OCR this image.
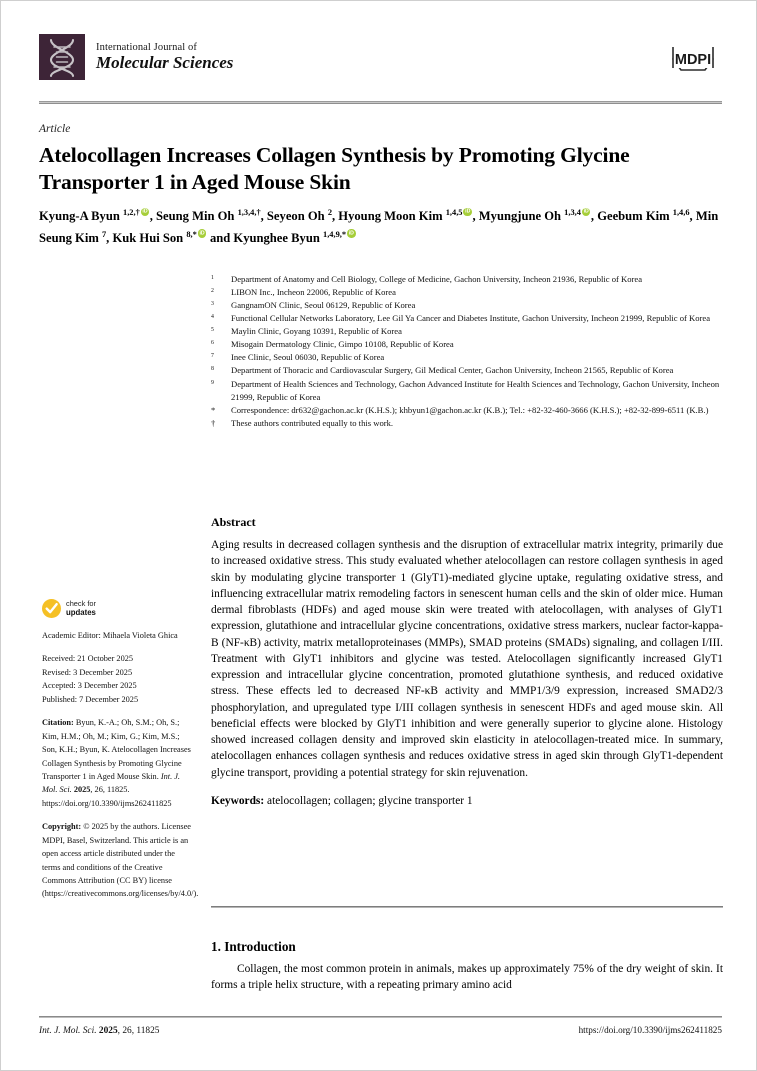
International Journal of
Molecular Sciences	MDPI
Article
Atelocollagen Increases Collagen Synthesis by Promoting Glycine Transporter 1 in Aged Mouse Skin
Kyung-A Byun $^{1,2,\dagger}$ iD , Seung Min Oh $^{1,3,4,\dagger}$, Seyeon Oh $^2$, Hyoung Moon Kim $^{1,4,5}$ iD , Myungjune Oh $^{1,3,4}$ iD , Geebum Kim $^{1,4,6}$, Min Seung Kim $^7$, Kuk Hui Son $^{8,*}$iD and Kyunghee Byun $^{1,4,9,*}$iD
$^1$	Department of Anatomy and Cell Biology, College of Medicine, Gachon University, Incheon 21936, Republic of Korea
$^2$	LIBON Inc., Incheon 22006, Republic of Korea
$^3$	GangnamON Clinic, Seoul 06129, Republic of Korea
$^4$	Functional Cellular Networks Laboratory, Lee Gil Ya Cancer and Diabetes Institute, Gachon University, Incheon 21999, Republic of Korea
$^5$	Maylin Clinic, Goyang 10391, Republic of Korea
$^6$	Misogain Dermatology Clinic, Gimpo 10108, Republic of Korea
$^7$	Inee Clinic, Seoul 06030, Republic of Korea
$^8$	Department of Thoracic and Cardiovascular Surgery, Gil Medical Center, Gachon University, Incheon 21565, Republic of Korea
$^9$	Department of Health Sciences and Technology, Gachon Advanced Institute for Health Sciences and Technology, Gachon University, Incheon 21999, Republic of Korea
*	Correspondence: dr632@gachon.ac.kr (K.H.S.); khbyun1@gachon.ac.kr (K.B.); Tel.: +82-32-460-3666 (K.H.S.); +82-32-899-6511 (K.B.)
†	These authors contributed equally to this work.
check for
updates
Academic Editor: Mihaela Violeta Ghica
Received: 21 October 2025
Revised: 3 December 2025
Accepted: 3 December 2025
Published: 7 December 2025
Citation: Byun, K.-A.; Oh, S.M.; Oh, S.; Kim, H.M.; Oh, M.; Kim, G.; Kim, M.S.; Son, K.H.; Byun, K. Atelocollagen Increases Collagen Synthesis by Promoting Glycine Transporter 1 in Aged Mouse Skin. Int. J. Mol. Sci. 2025, 26, 11825. https://doi.org/10.3390/ijms262411825
Copyright: © 2025 by the authors. Licensee MDPI, Basel, Switzerland. This article is an open access article distributed under the terms and conditions of the Creative Commons Attribution (CC BY) license (https://creativecommons.org/licenses/by/4.0/).
Abstract
Aging results in decreased collagen synthesis and the disruption of extracellular matrix integrity, primarily due to increased oxidative stress. This study evaluated whether atelocollagen can restore collagen synthesis in aged skin by modulating glycine transporter 1 (GlyT1)-mediated glycine uptake, regulating oxidative stress, and influencing extracellular matrix remodeling factors in senescent human cells and the skin of older mice. Human dermal fibroblasts (HDFs) and aged mouse skin were treated with atelocollagen, with analyses of GlyT1 expression, glutathione and intracellular glycine concentrations, oxidative stress markers, nuclear factor-kappa-B (NF-κB) activity, matrix metalloproteinases (MMPs), SMAD proteins (SMADs) signaling, and collagen I/III. Treatment with GlyT1 inhibitors and glycine was tested. Atelocollagen significantly increased GlyT1 expression and intracellular glycine concentration, promoted glutathione synthesis, and reduced oxidative stress. These effects led to decreased NF-κB activity and MMP1/3/9 expression, increased SMAD2/3 phosphorylation, and upregulated type I/III collagen synthesis in senescent HDFs and aged mouse skin. All beneficial effects were blocked by GlyT1 inhibition and were generally superior to glycine alone. Histology showed increased collagen density and improved skin elasticity in atelocollagen-treated mice. In summary, atelocollagen enhances collagen synthesis and reduces oxidative stress in aged skin through GlyT1-dependent glycine transport, providing a potential strategy for skin rejuvenation.
Keywords: atelocollagen; collagen; glycine transporter 1
1. Introduction
Collagen, the most common protein in animals, makes up approximately 75% of the dry weight of skin. It forms a triple helix structure, with a repeating primary amino acid
Int. J. Mol. Sci. 2025, 26, 11825	https://doi.org/10.3390/ijms262411825
